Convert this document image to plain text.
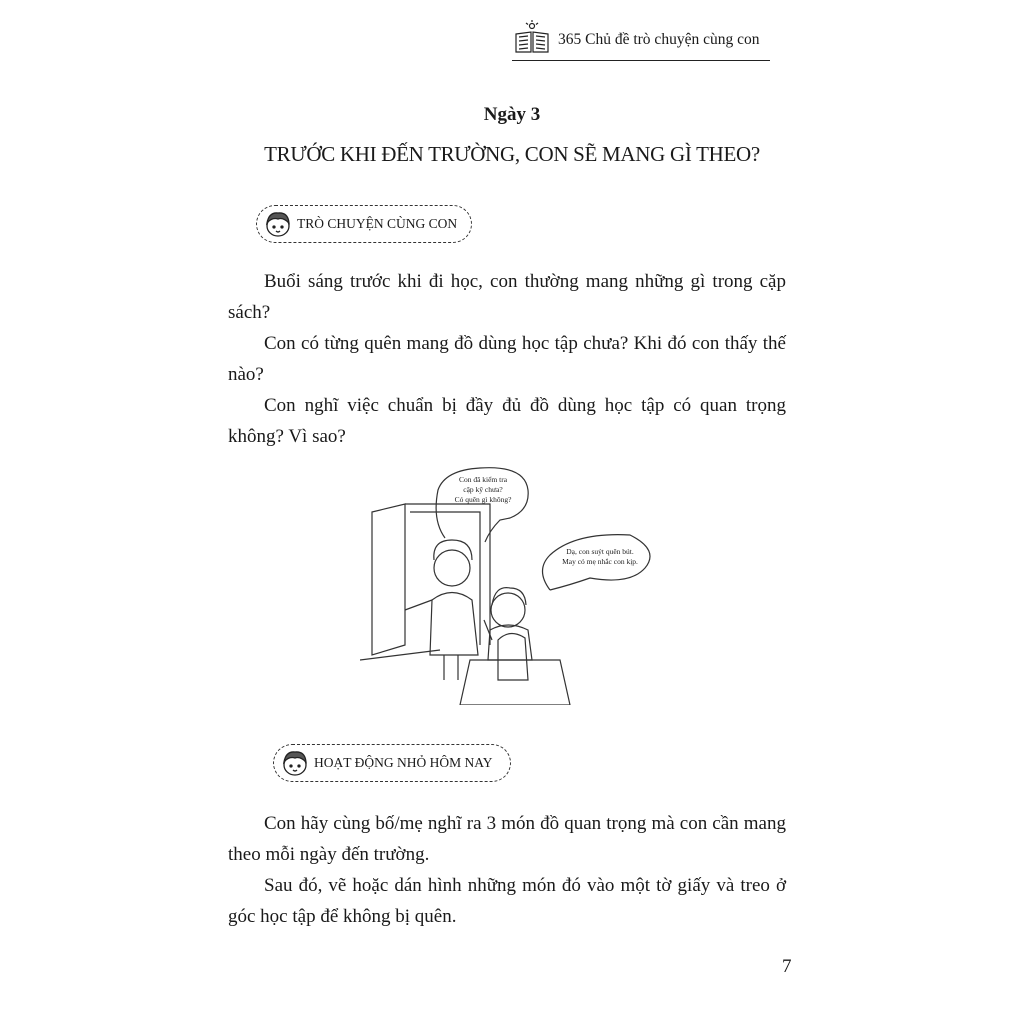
365 Chủ đề trò chuyện cùng con
Ngày 3
TRƯỚC KHI ĐẾN TRƯỜNG, CON SẼ MANG GÌ THEO?
TRÒ CHUYỆN CÙNG CON
Buổi sáng trước khi đi học, con thường mang những gì trong cặp sách?
Con có từng quên mang đồ dùng học tập chưa? Khi đó con thấy thế nào?
Con nghĩ việc chuẩn bị đầy đủ đồ dùng học tập có quan trọng không? Vì sao?
Con đã kiểm tra
cặp kỹ chưa?
Có quên gì không?
Dạ, con suýt quên bút.
May có mẹ nhắc con kịp.
HOẠT ĐỘNG NHỎ HÔM NAY
Con hãy cùng bố/mẹ nghĩ ra 3 món đồ quan trọng mà con cần mang theo mỗi ngày đến trường.
Sau đó, vẽ hoặc dán hình những món đó vào một tờ giấy và treo ở góc học tập để không bị quên.
7
